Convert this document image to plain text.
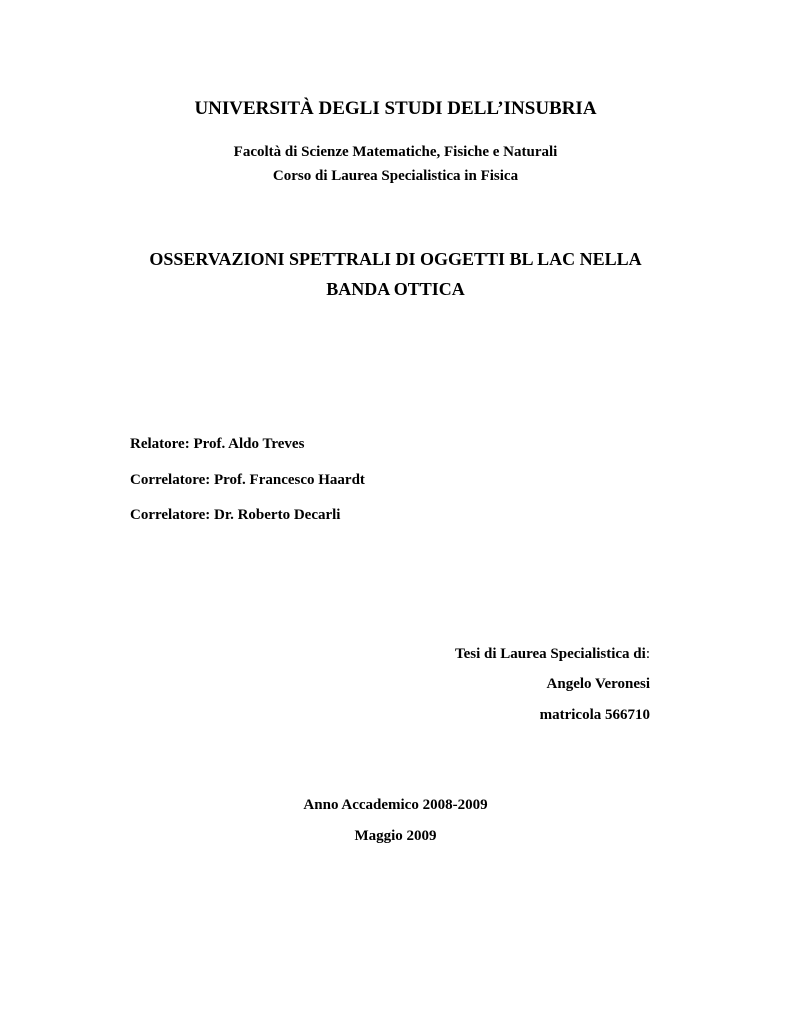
UNIVERSITÀ DEGLI STUDI DELL’INSUBRIA
Facoltà di Scienze Matematiche, Fisiche e Naturali
Corso di Laurea Specialistica in Fisica
OSSERVAZIONI SPETTRALI DI OGGETTI BL LAC NELLA
BANDA OTTICA
Relatore: Prof. Aldo Treves
Correlatore: Prof. Francesco Haardt
Correlatore: Dr. Roberto Decarli
Tesi di Laurea Specialistica di:
Angelo Veronesi
matricola 566710
Anno Accademico 2008-2009
Maggio 2009
